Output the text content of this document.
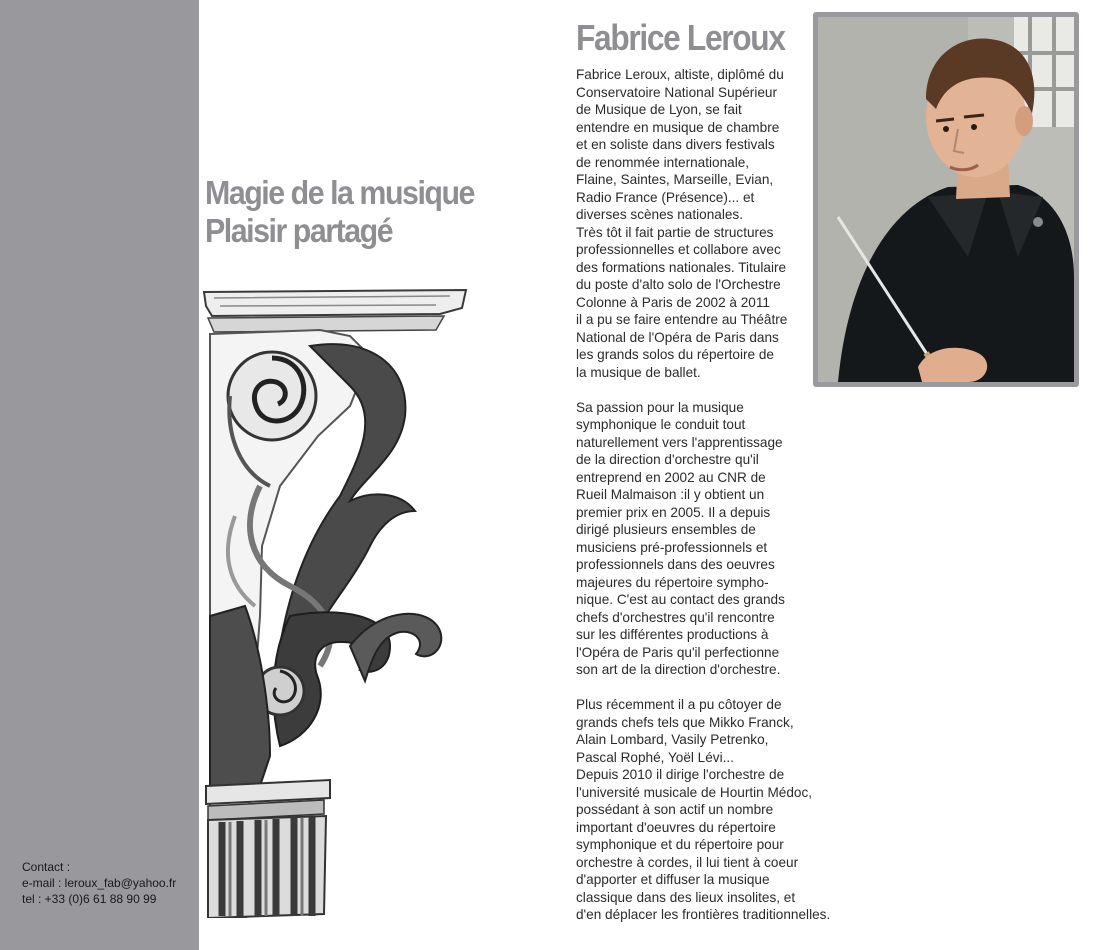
Contact :
e-mail : leroux_fab@yahoo.fr
tel : +33 (0)6 61 88 90 99
Magie de la musique
Plaisir partagé
Fabrice Leroux

Fabrice Leroux, altiste, diplômé du
Conservatoire National Supérieur
de Musique de Lyon, se fait
entendre en musique de chambre
et en soliste dans divers festivals
de renommée internationale,
Flaine, Saintes, Marseille, Evian,
Radio France (Présence)... et
diverses scènes nationales.
Très tôt il fait partie de structures
professionnelles et collabore avec
des formations nationales. Titulaire
du poste d'alto solo de l'Orchestre
Colonne à Paris de 2002 à 2011
il a pu se faire entendre au Théâtre
National de l'Opéra de Paris dans
les grands solos du répertoire de
la musique de ballet.

Sa passion pour la musique
symphonique le conduit tout
naturellement vers l'apprentissage
de la direction d'orchestre qu'il
entreprend en 2002 au CNR de
Rueil Malmaison :il y obtient un
premier prix en 2005. Il a depuis
dirigé plusieurs ensembles de
musiciens pré-professionnels et
professionnels dans des oeuvres
majeures du répertoire sympho-
nique. C'est au contact des grands
chefs d'orchestres qu'il rencontre
sur les différentes productions à
l'Opéra de Paris qu'il perfectionne
son art de la direction d'orchestre.

Plus récemment il a pu côtoyer de
grands chefs tels que Mikko Franck,
Alain Lombard, Vasily Petrenko,
Pascal Rophé, Yoël Lévi...
Depuis 2010 il dirige l'orchestre de
l'université musicale de Hourtin Médoc,
possédant à son actif un nombre
important d'oeuvres du répertoire
symphonique et du répertoire pour
orchestre à cordes, il lui tient à coeur
d'apporter et diffuser la musique
classique dans des lieux insolites, et
d'en déplacer les frontières traditionnelles.
